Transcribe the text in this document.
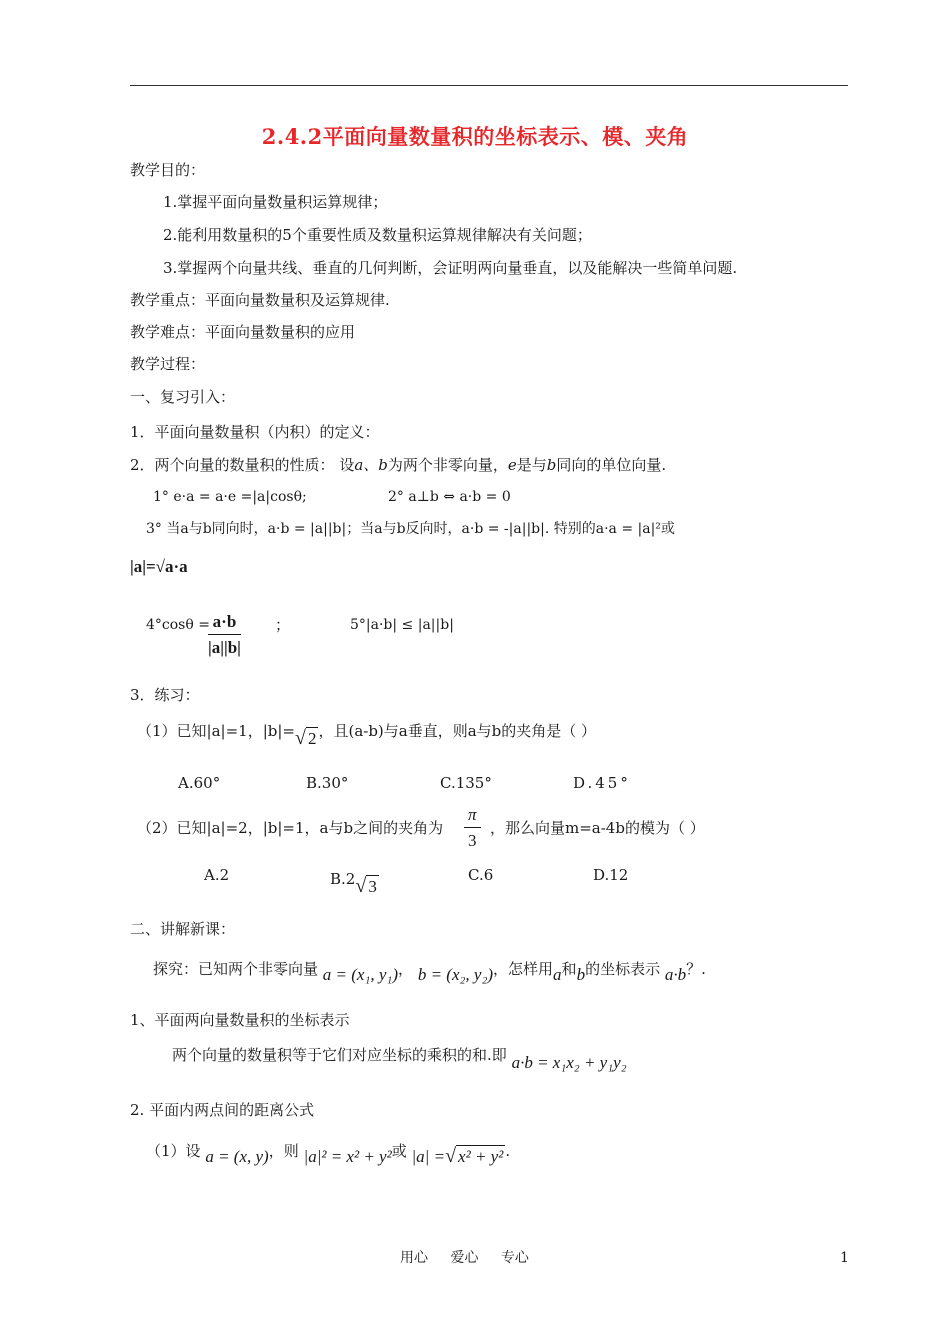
2.4.2平面向量数量积的坐标表示、模、夹角
教学目的：
1.掌握平面向量数量积运算规律；
2.能利用数量积的5个重要性质及数量积运算规律解决有关问题；
3.掌握两个向量共线、垂直的几何判断，会证明两向量垂直，以及能解决一些简单问题.
教学重点：平面向量数量积及运算规律.
教学难点：平面向量数量积的应用
教学过程：
一、复习引入：
1．平面向量数量积（内积）的定义：
2．两个向量的数量积的性质： 设a、b为两个非零向量，e是与b同向的单位向量.
1° e·a = a·e =|a|cosθ;	2° a⊥b ⇔ a·b = 0
3° 当a与b同向时，a·b = |a||b|；当a与b反向时，a·b = -|a||b|. 特别的a·a = |a|²或
|a|=√a·a
4°cosθ =
$\frac{a\cdot b}{|a||b|}$ ；	5°|a·b| ≤ |a||b|
3．练习：
（1）已知|a|=1，|b|=√ 2 ，且(a-b)与a垂直，则a与b的夹角是（ ）
A.60°	B.30°	C.135°	D.45°
（2）已知|a|=2，|b|=1，a与b之间的夹角为 $\frac{\pi}{3}$ ，那么向量m=a-4b的模为（ ）
A.2	B.2√ 3
C.6	D.12
二、讲解新课：
探究：已知两个非零向量 a = (x₁, y₁)， b = (x₂, y₂)，怎样用a和b的坐标表示 a·b？.
1、平面两向量数量积的坐标表示
两个向量的数量积等于它们对应坐标的乘积的和.即 a·b = x₁x₂ + y₁y₂
2. 平面内两点间的距离公式
（1）设 a = (x, y)，则 |a|² = x² + y²或 |a| =√ x² + y² .
用心 爱心 专心	1
